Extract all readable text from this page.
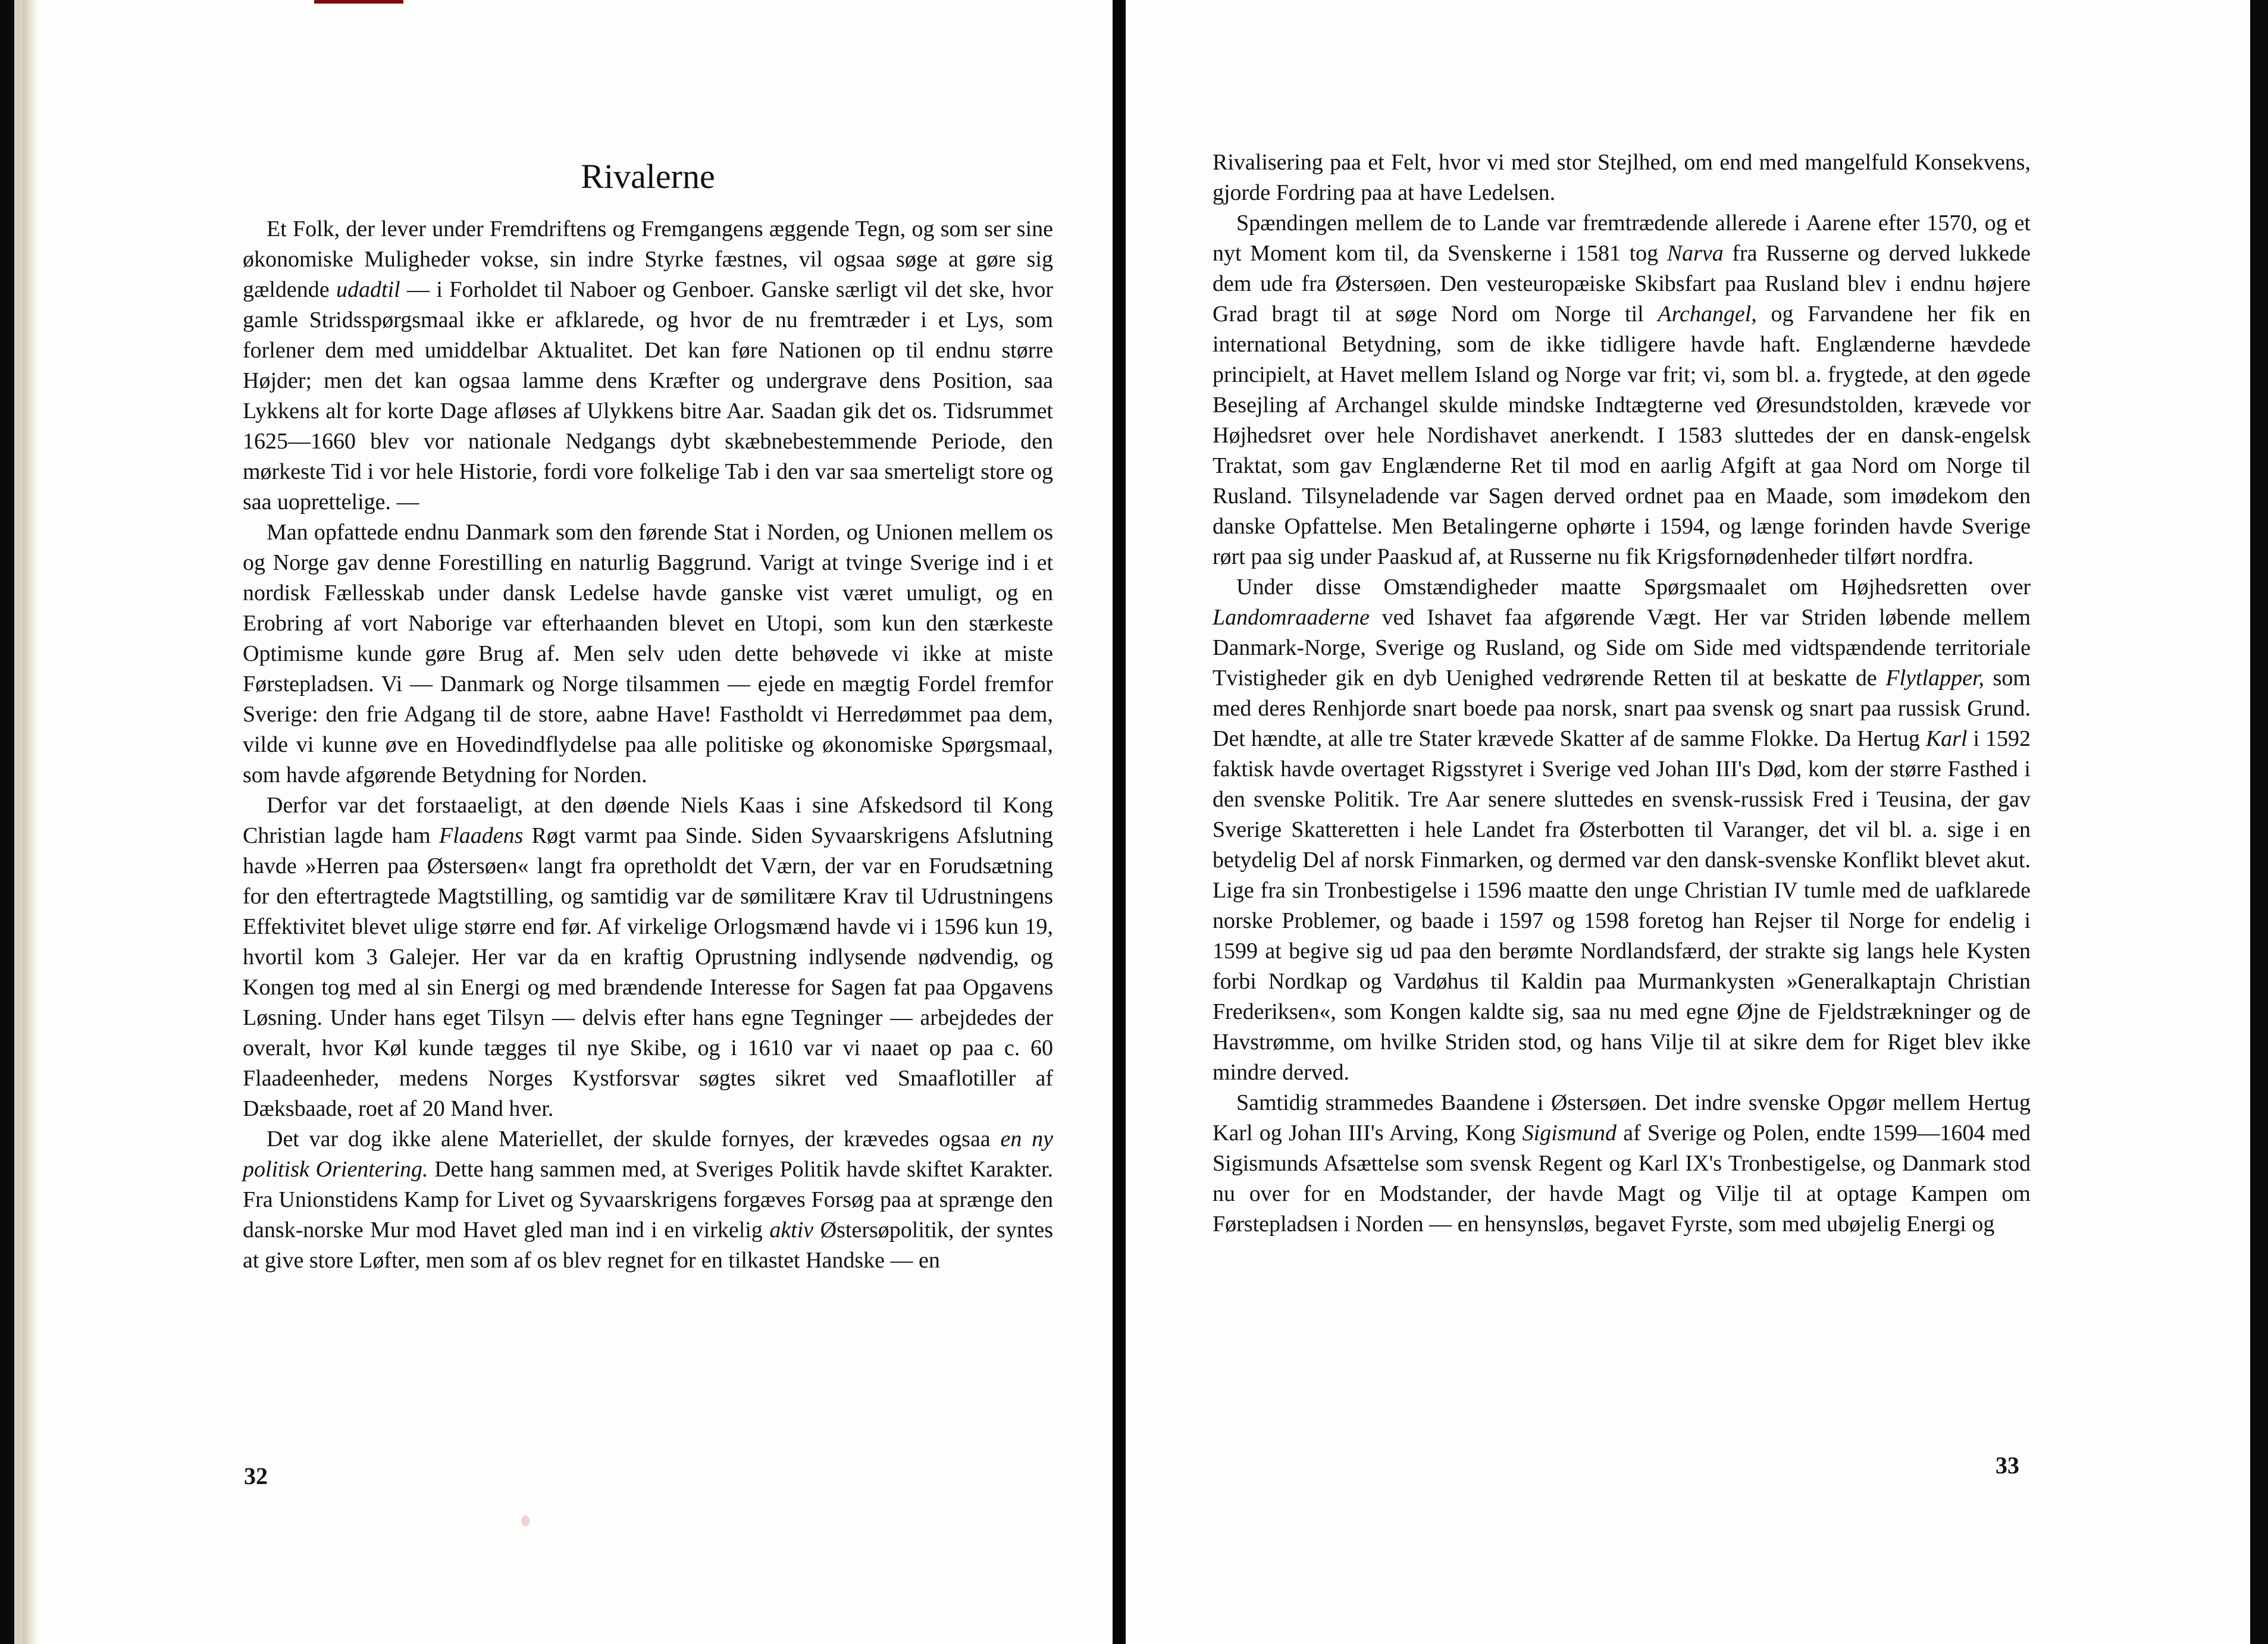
Rivalerne

Et Folk, der lever under Fremdriftens og Fremgangens æggende Tegn, og som ser sine økonomiske Muligheder vokse, sin indre Styrke fæstnes, vil ogsaa søge at gøre sig gældende udadtil — i Forholdet til Naboer og Genboer. Ganske særligt vil det ske, hvor gamle Stridsspørgsmaal ikke er afklarede, og hvor de nu fremtræder i et Lys, som forlener dem med umiddelbar Aktualitet. Det kan føre Nationen op til endnu større Højder; men det kan ogsaa lamme dens Kræfter og undergrave dens Position, saa Lykkens alt for korte Dage afløses af Ulykkens bitre Aar. Saadan gik det os. Tidsrummet 1625—1660 blev vor nationale Nedgangs dybt skæbnebestemmende Periode, den mørkeste Tid i vor hele Historie, fordi vore folkelige Tab i den var saa smerteligt store og saa uoprettelige. —

Man opfattede endnu Danmark som den førende Stat i Norden, og Unionen mellem os og Norge gav denne Forestilling en naturlig Baggrund. Varigt at tvinge Sverige ind i et nordisk Fællesskab under dansk Ledelse havde ganske vist været umuligt, og en Erobring af vort Naborige var efterhaanden blevet en Utopi, som kun den stærkeste Optimisme kunde gøre Brug af. Men selv uden dette behøvede vi ikke at miste Førstepladsen. Vi — Danmark og Norge tilsammen — ejede en mægtig Fordel fremfor Sverige: den frie Adgang til de store, aabne Have! Fastholdt vi Herredømmet paa dem, vilde vi kunne øve en Hovedindflydelse paa alle politiske og økonomiske Spørgsmaal, som havde afgørende Betydning for Norden.

Derfor var det forstaaeligt, at den døende Niels Kaas i sine Afskedsord til Kong Christian lagde ham Flaadens Røgt varmt paa Sinde. Siden Syvaarskrigens Afslutning havde »Herren paa Østersøen« langt fra opretholdt det Værn, der var en Forudsætning for den eftertragtede Magtstilling, og samtidig var de sømilitære Krav til Udrustningens Effektivitet blevet ulige større end før. Af virkelige Orlogsmænd havde vi i 1596 kun 19, hvortil kom 3 Galejer. Her var da en kraftig Oprustning indlysende nødvendig, og Kongen tog med al sin Energi og med brændende Interesse for Sagen fat paa Opgavens Løsning. Under hans eget Tilsyn — delvis efter hans egne Tegninger — arbejdedes der overalt, hvor Køl kunde tægges til nye Skibe, og i 1610 var vi naaet op paa c. 60 Flaadeenheder, medens Norges Kystforsvar søgtes sikret ved Smaaflotiller af Dæksbaade, roet af 20 Mand hver.

Det var dog ikke alene Materiellet, der skulde fornyes, der krævedes ogsaa en ny politisk Orientering. Dette hang sammen med, at Sveriges Politik havde skiftet Karakter. Fra Unionstidens Kamp for Livet og Syvaarskrigens forgæves Forsøg paa at sprænge den dansk-norske Mur mod Havet gled man ind i en virkelig aktiv Østersøpolitik, der syntes at give store Løfter, men som af os blev regnet for en tilkastet Handske — en

32

Rivalisering paa et Felt, hvor vi med stor Stejlhed, om end med mangelfuld Konsekvens, gjorde Fordring paa at have Ledelsen.

Spændingen mellem de to Lande var fremtrædende allerede i Aarene efter 1570, og et nyt Moment kom til, da Svenskerne i 1581 tog Narva fra Russerne og derved lukkede dem ude fra Østersøen. Den vesteuropæiske Skibsfart paa Rusland blev i endnu højere Grad bragt til at søge Nord om Norge til Archangel, og Farvandene her fik en international Betydning, som de ikke tidligere havde haft. Englænderne hævdede principielt, at Havet mellem Island og Norge var frit; vi, som bl. a. frygtede, at den øgede Besejling af Archangel skulde mindske Indtægterne ved Øresundstolden, krævede vor Højhedsret over hele Nordishavet anerkendt. I 1583 sluttedes der en dansk-engelsk Traktat, som gav Englænderne Ret til mod en aarlig Afgift at gaa Nord om Norge til Rusland. Tilsyneladende var Sagen derved ordnet paa en Maade, som imødekom den danske Opfattelse. Men Betalingerne ophørte i 1594, og længe forinden havde Sverige rørt paa sig under Paaskud af, at Russerne nu fik Krigsfornødenheder tilført nordfra.

Under disse Omstændigheder maatte Spørgsmaalet om Højhedsretten over Landomraaderne ved Ishavet faa afgørende Vægt. Her var Striden løbende mellem Danmark-Norge, Sverige og Rusland, og Side om Side med vidtspændende territoriale Tvistigheder gik en dyb Uenighed vedrørende Retten til at beskatte de Flytlapper, som med deres Renhjorde snart boede paa norsk, snart paa svensk og snart paa russisk Grund. Det hændte, at alle tre Stater krævede Skatter af de samme Flokke. Da Hertug Karl i 1592 faktisk havde overtaget Rigsstyret i Sverige ved Johan III's Død, kom der større Fasthed i den svenske Politik. Tre Aar senere sluttedes en svensk-russisk Fred i Teusina, der gav Sverige Skatteretten i hele Landet fra Østerbotten til Varanger, det vil bl. a. sige i en betydelig Del af norsk Finmarken, og dermed var den dansk-svenske Konflikt blevet akut. Lige fra sin Tronbestigelse i 1596 maatte den unge Christian IV tumle med de uafklarede norske Problemer, og baade i 1597 og 1598 foretog han Rejser til Norge for endelig i 1599 at begive sig ud paa den berømte Nordlandsfærd, der strakte sig langs hele Kysten forbi Nordkap og Vardøhus til Kaldin paa Murmankysten »Generalkaptajn Christian Frederiksen«, som Kongen kaldte sig, saa nu med egne Øjne de Fjeldstrækninger og de Havstrømme, om hvilke Striden stod, og hans Vilje til at sikre dem for Riget blev ikke mindre derved.

Samtidig strammedes Baandene i Østersøen. Det indre svenske Opgør mellem Hertug Karl og Johan III's Arving, Kong Sigismund af Sverige og Polen, endte 1599—1604 med Sigismunds Afsættelse som svensk Regent og Karl IX's Tronbestigelse, og Danmark stod nu over for en Modstander, der havde Magt og Vilje til at optage Kampen om Førstepladsen i Norden — en hensynsløs, begavet Fyrste, som med ubøjelig Energi og

33
